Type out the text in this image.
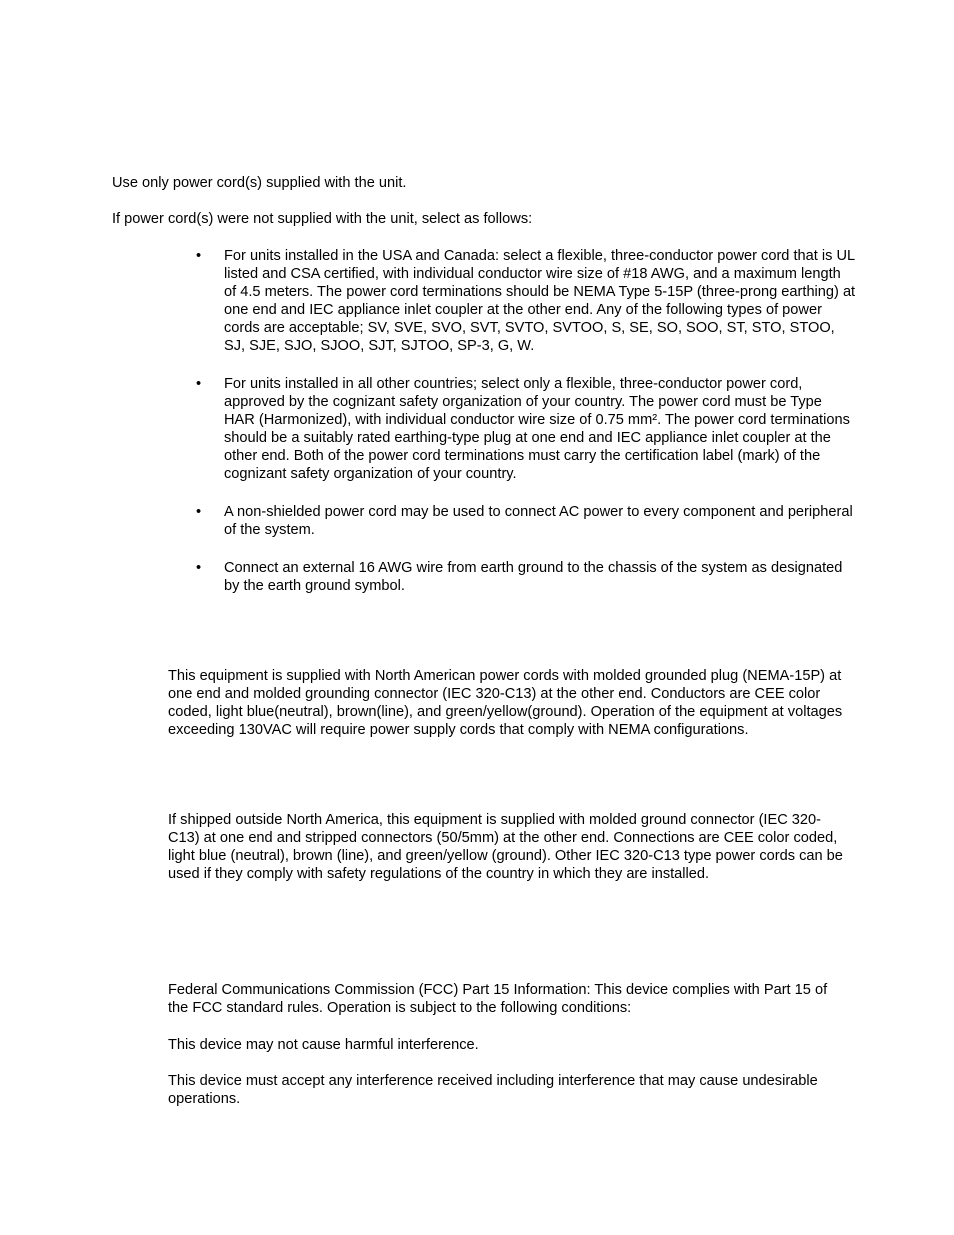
Use only power cord(s) supplied with the unit.

If power cord(s) were not supplied with the unit, select as follows:

•	For units installed in the USA and Canada: select a flexible, three-conductor power cord that is UL listed and CSA certified, with individual conductor wire size of #18 AWG, and a maximum length of 4.5 meters. The power cord terminations should be NEMA Type 5-15P (three-prong earthing) at one end and IEC appliance inlet coupler at the other end. Any of the following types of power cords are acceptable; SV, SVE, SVO, SVT, SVTO, SVTOO, S, SE, SO, SOO, ST, STO, STOO, SJ, SJE, SJO, SJOO, SJT, SJTOO, SP-3, G, W.
•	For units installed in all other countries; select only a flexible, three-conductor power cord, approved by the cognizant safety organization of your country. The power cord must be Type HAR (Harmonized), with individual conductor wire size of 0.75 mm². The power cord terminations should be a suitably rated earthing-type plug at one end and IEC appliance inlet coupler at the other end. Both of the power cord terminations must carry the certification label (mark) of the cognizant safety organization of your country.
•	A non-shielded power cord may be used to connect AC power to every component and peripheral of the system.
•	Connect an external 16 AWG wire from earth ground to the chassis of the system as designated by the earth ground symbol.

This equipment is supplied with North American power cords with molded grounded plug (NEMA-15P) at one end and molded grounding connector (IEC 320-C13) at the other end. Conductors are CEE color coded, light blue(neutral), brown(line), and green/yellow(ground). Operation of the equipment at voltages exceeding 130VAC will require power supply cords that comply with NEMA configurations.

If shipped outside North America, this equipment is supplied with molded ground connector (IEC 320-C13) at one end and stripped connectors (50/5mm) at the other end. Connections are CEE color coded, light blue (neutral), brown (line), and green/yellow (ground). Other IEC 320-C13 type power cords can be used if they comply with safety regulations of the country in which they are installed.

Federal Communications Commission (FCC) Part 15 Information: This device complies with Part 15 of the FCC standard rules. Operation is subject to the following conditions:

This device may not cause harmful interference.

This device must accept any interference received including interference that may cause undesirable operations.
